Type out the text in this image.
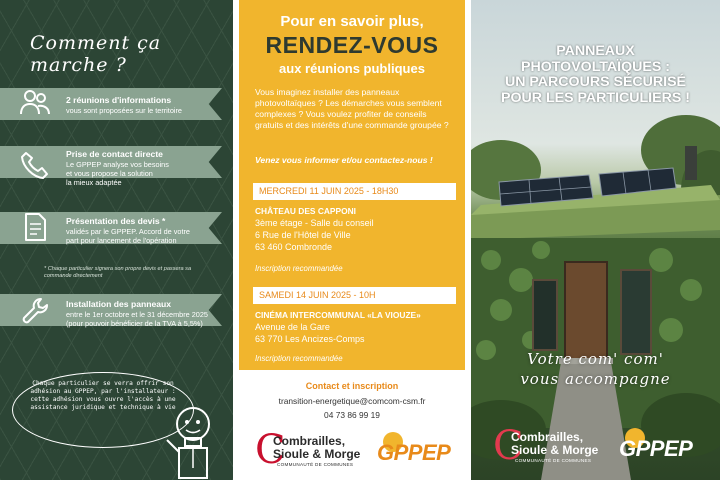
Comment ça marche ?
2 réunions d'informations
vous sont proposées sur le territoire
Prise de contact directe
Le GPPEP analyse vos besoins
et vous propose la solution
la mieux adaptée
Présentation des devis *
validés par le GPPEP. Accord de votre
part pour lancement de l'opération
* Chaque particulier signera son propre devis et passera sa commande directement
Installation des panneaux
entre le 1er octobre et le 31 décembre 2025
(pour pouvoir bénéficier de la TVA à 5,5%)
Chaque particulier se verra offrir son adhésion au GPPEP, par l'installateur : cette adhésion vous ouvre l'accès à une assistance juridique et technique à vie
Pour en savoir plus,
RENDEZ-VOUS
aux réunions publiques
Vous imaginez installer des panneaux photovoltaïques ? Les démarches vous semblent complexes ? Vous voulez profiter de conseils gratuits et des intérêts d'une commande groupée ?
Venez vous informer et/ou contactez-nous !
MERCREDI 11 JUIN 2025 - 18H30
CHÂTEAU DES CAPPONI
3ème étage - Salle du conseil
6 Rue de l'Hôtel de Ville
63 460 Combronde
Inscription recommandée
SAMEDI 14 JUIN 2025 - 10H
CINÉMA INTERCOMMUNAL «LA VIOUZE»
Avenue de la Gare
63 770 Les Ancizes-Comps
Inscription recommandée
Contact et inscription
transition-energetique@comcom-csm.fr
04 73 86 99 19
C
Combrailles,
Sioule & Morge
COMMUNAUTÉ DE COMMUNES GPPEP
PANNEAUX
PHOTOVOLTAÏQUES :
UN PARCOURS SÉCURISÉ
POUR LES PARTICULIERS !
Votre com' com'
vous accompagne
C
Combrailles,
Sioule & Morge
COMMUNAUTÉ DE COMMUNES GPPEP
